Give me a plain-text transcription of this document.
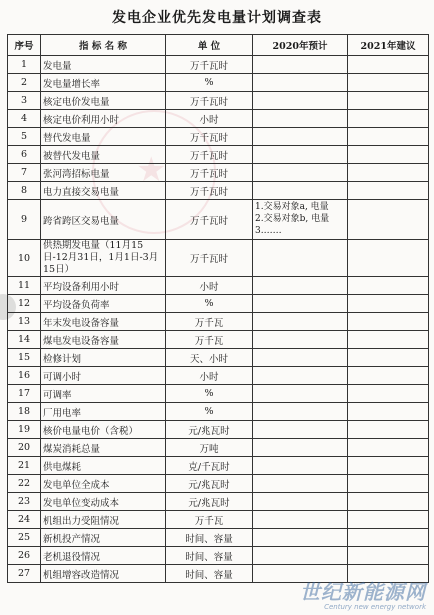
★
发电企业优先发电量计划调查表
序号	指 标 名 称	单 位	2020年预计	2021年建议
1	发电量	万千瓦时		
2	发电量增长率	%		
3	核定电价发电量	万千瓦时		
4	核定电价利用小时	小时		
5	替代发电量	万千瓦时		
6	被替代发电量	万千瓦时		
7	张河湾招标电量	万千瓦时		
8	电力直接交易电量	万千瓦时		
9	跨省跨区交易电量	万千瓦时	1.交易对象a, 电量
2.交易对象b, 电量
3.……	

10	供热期发电量（11月15日-12月31日，1月1日-3月15日）	万千瓦时		
11	平均设备利用小时	小时		
12	平均设备负荷率	%		
13	年末发电设备容量	万千瓦		
14	煤电发电设备容量	万千瓦		
15	检修计划	天、小时		
16	可调小时	小时		
17	可调率	%		
18	厂用电率	%		
19	核价电量电价（含税）	元/兆瓦时		
20	煤炭消耗总量	万吨		
21	供电煤耗	克/千瓦时		
22	发电单位全成本	元/兆瓦时		
23	发电单位变动成本	元/兆瓦时		
24	机组出力受阻情况	万千瓦		
25	新机投产情况	时间、容量		
26	老机退役情况	时间、容量		
27	机组增容改造情况	时间、容量		
世纪新能源网
Century new energy network
